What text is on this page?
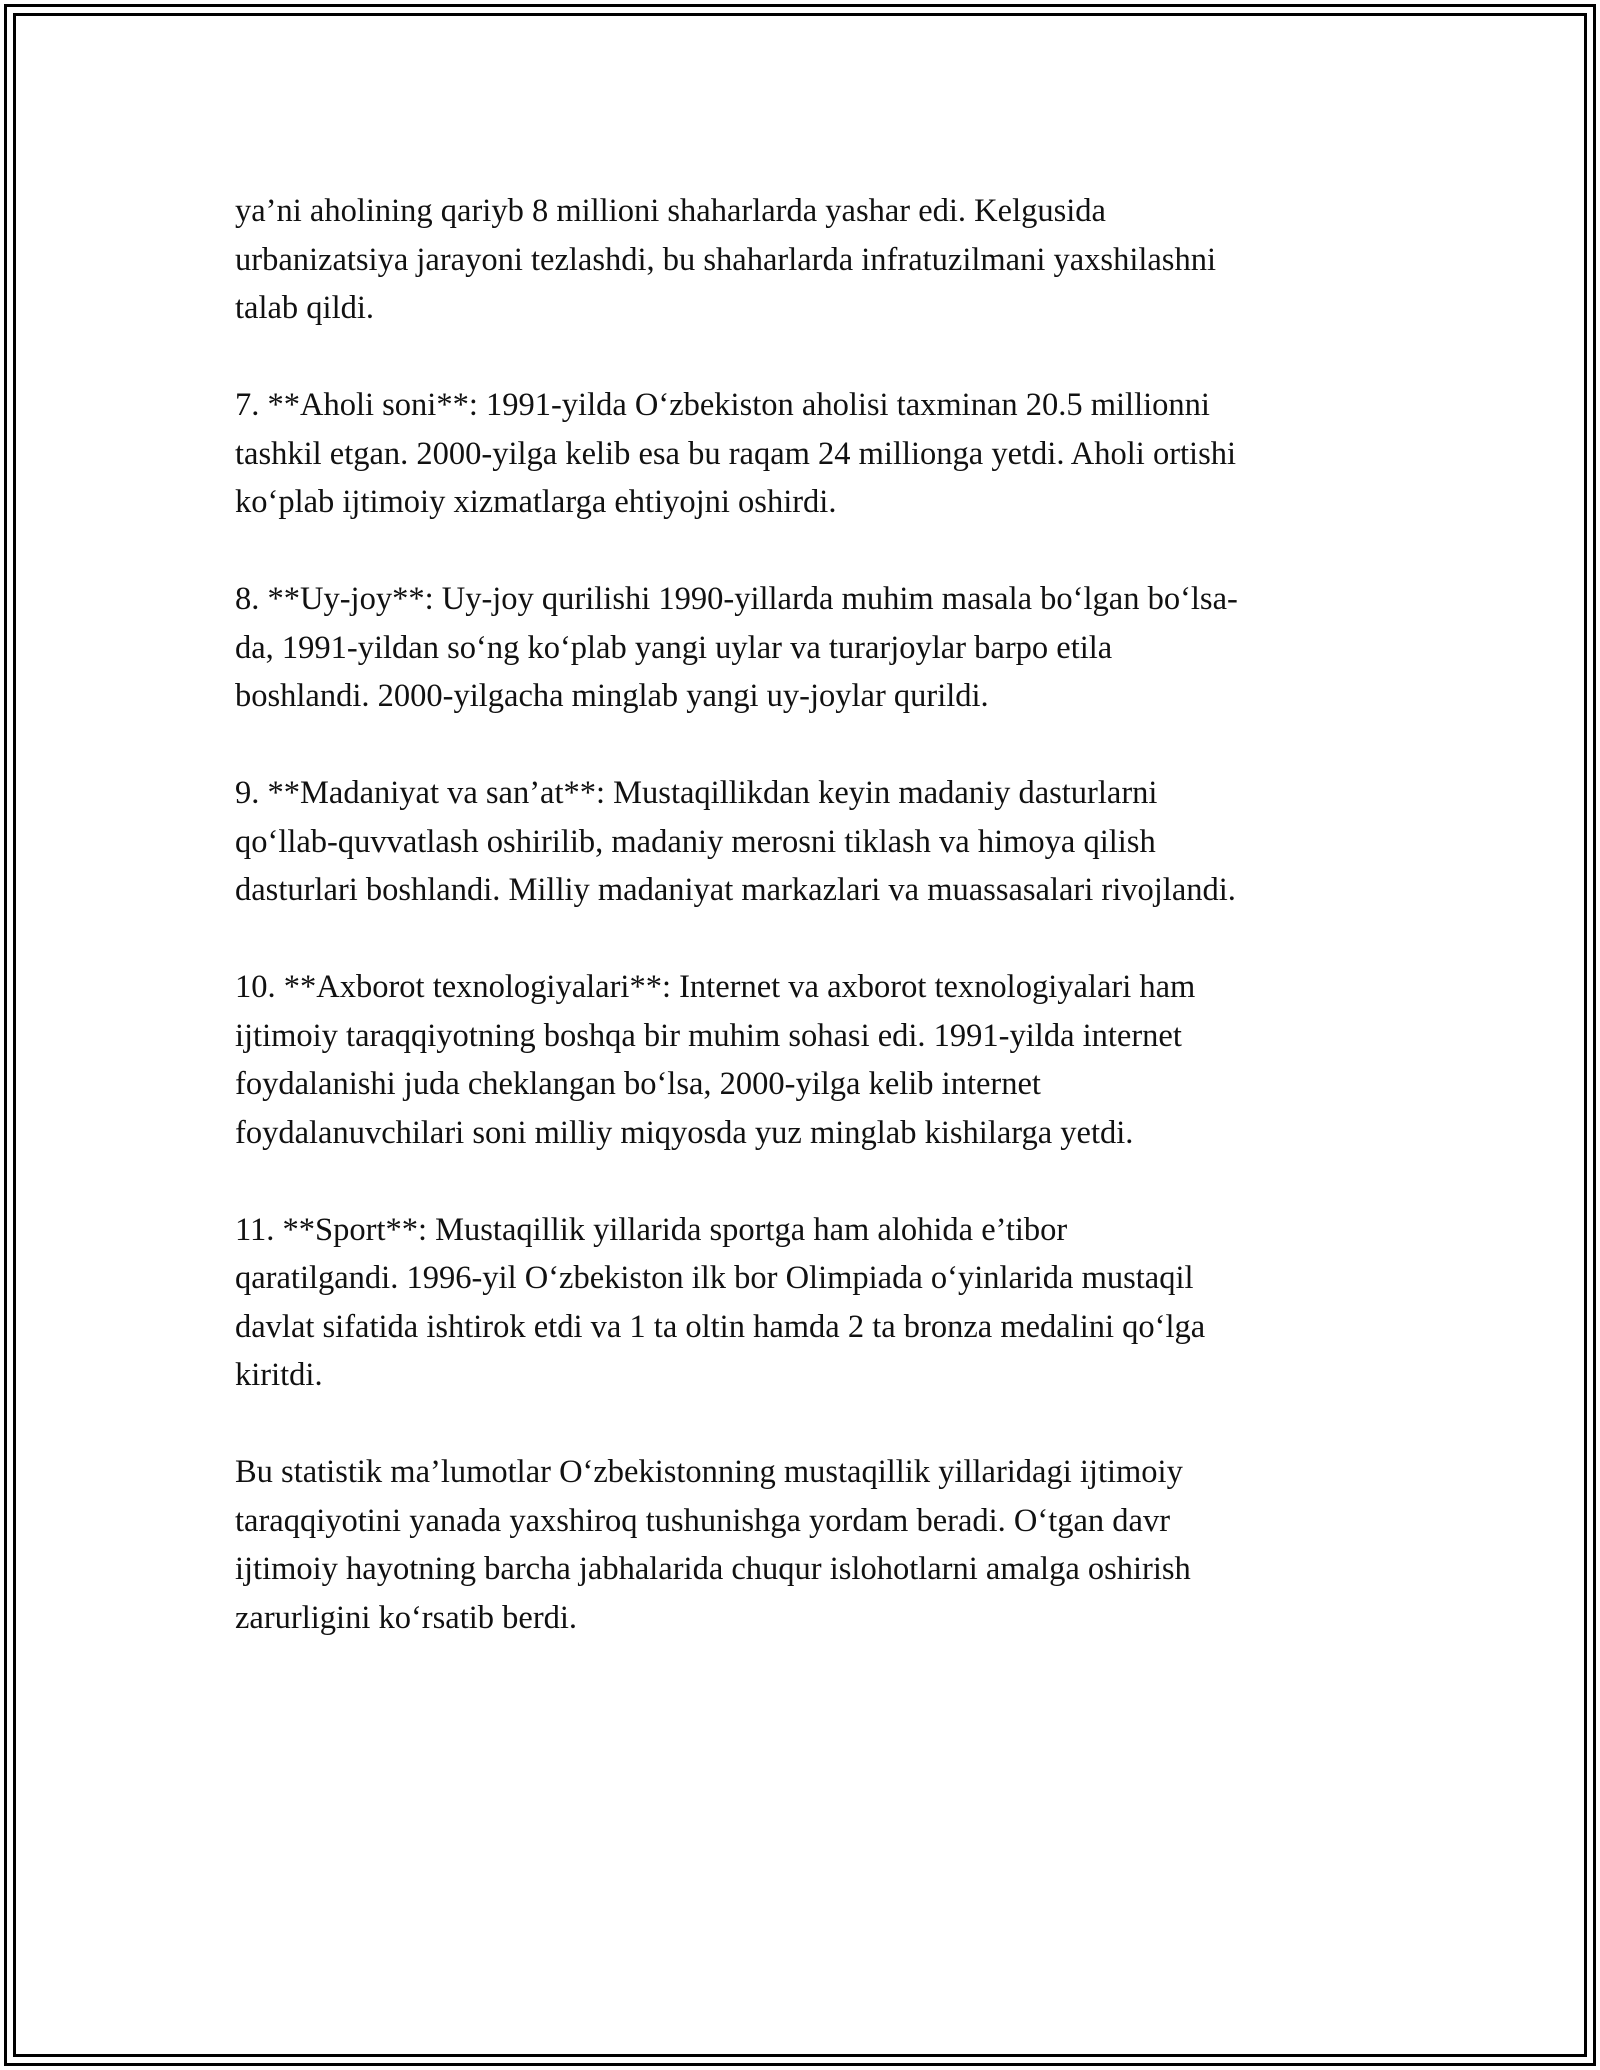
ya’ni aholining qariyb 8 millioni shaharlarda yashar edi. Kelgusida
urbanizatsiya jarayoni tezlashdi, bu shaharlarda infratuzilmani yaxshilashni
talab qildi.
7. **Aholi soni**: 1991-yilda O‘zbekiston aholisi taxminan 20.5 millionni
tashkil etgan. 2000-yilga kelib esa bu raqam 24 millionga yetdi. Aholi ortishi
ko‘plab ijtimoiy xizmatlarga ehtiyojni oshirdi.
8. **Uy-joy**: Uy-joy qurilishi 1990-yillarda muhim masala bo‘lgan bo‘lsa-
da, 1991-yildan so‘ng ko‘plab yangi uylar va turarjoylar barpo etila
boshlandi. 2000-yilgacha minglab yangi uy-joylar qurildi.
9. **Madaniyat va san’at**: Mustaqillikdan keyin madaniy dasturlarni
qo‘llab-quvvatlash oshirilib, madaniy merosni tiklash va himoya qilish
dasturlari boshlandi. Milliy madaniyat markazlari va muassasalari rivojlandi.
10. **Axborot texnologiyalari**: Internet va axborot texnologiyalari ham
ijtimoiy taraqqiyotning boshqa bir muhim sohasi edi. 1991-yilda internet
foydalanishi juda cheklangan bo‘lsa, 2000-yilga kelib internet
foydalanuvchilari soni milliy miqyosda yuz minglab kishilarga yetdi.
11. **Sport**: Mustaqillik yillarida sportga ham alohida e’tibor
qaratilgandi. 1996-yil O‘zbekiston ilk bor Olimpiada o‘yinlarida mustaqil
davlat sifatida ishtirok etdi va 1 ta oltin hamda 2 ta bronza medalini qo‘lga
kiritdi.
Bu statistik ma’lumotlar O‘zbekistonning mustaqillik yillaridagi ijtimoiy
taraqqiyotini yanada yaxshiroq tushunishga yordam beradi. O‘tgan davr
ijtimoiy hayotning barcha jabhalarida chuqur islohotlarni amalga oshirish
zarurligini ko‘rsatib berdi.
